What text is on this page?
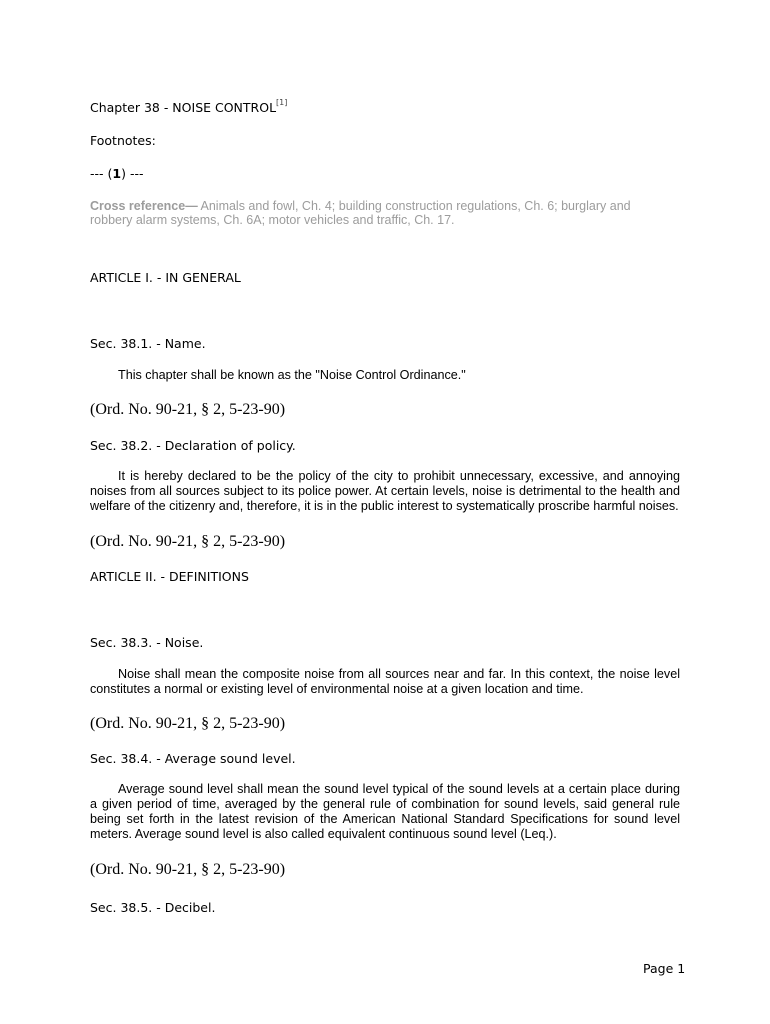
Chapter 38 - NOISE CONTROL[1]
Footnotes:
--- (1) ---
Cross reference— Animals and fowl, Ch. 4; building construction regulations, Ch. 6; burglary and
robbery alarm systems, Ch. 6A; motor vehicles and traffic, Ch. 17.
ARTICLE I. - IN GENERAL
Sec. 38.1. - Name.

This chapter shall be known as the "Noise Control Ordinance."

(Ord. No. 90-21, § 2, 5-23-90)
Sec. 38.2. - Declaration of policy.

It is hereby declared to be the policy of the city to prohibit unnecessary, excessive, and annoying noises from all sources subject to its police power. At certain levels, noise is detrimental to the health and welfare of the citizenry and, therefore, it is in the public interest to systematically proscribe harmful noises.

(Ord. No. 90-21, § 2, 5-23-90)
ARTICLE II. - DEFINITIONS
Sec. 38.3. - Noise.

Noise shall mean the composite noise from all sources near and far. In this context, the noise level constitutes a normal or existing level of environmental noise at a given location and time.

(Ord. No. 90-21, § 2, 5-23-90)
Sec. 38.4. - Average sound level.

Average sound level shall mean the sound level typical of the sound levels at a certain place during a given period of time, averaged by the general rule of combination for sound levels, said general rule being set forth in the latest revision of the American National Standard Specifications for sound level meters. Average sound level is also called equivalent continuous sound level (Leq.).

(Ord. No. 90-21, § 2, 5-23-90)
Sec. 38.5. - Decibel.
Page 1
